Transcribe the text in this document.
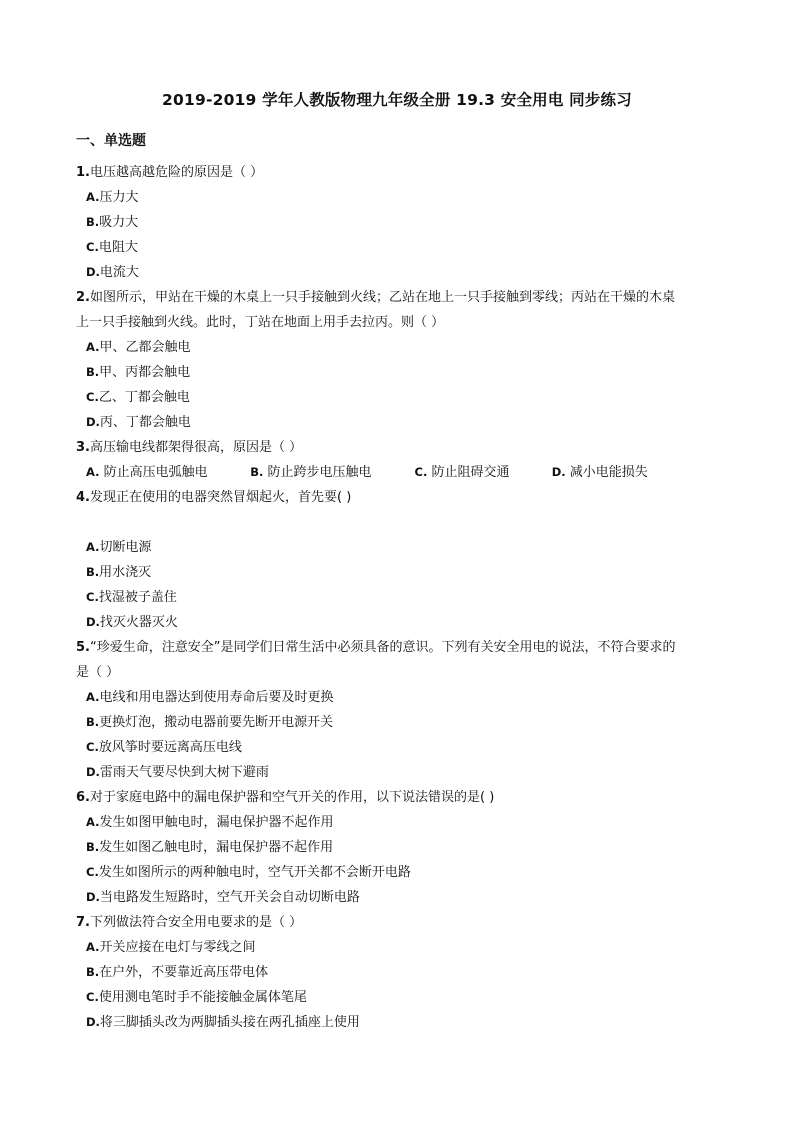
2019-2019 学年人教版物理九年级全册 19.3 安全用电 同步练习
一、单选题
1.电压越高越危险的原因是（ ）
A.压力大
B.吸力大
C.电阻大
D.电流大
2.如图所示，甲站在干燥的木桌上一只手接触到火线；乙站在地上一只手接触到零线；丙站在干燥的木桌
上一只手接触到火线。此时，丁站在地面上用手去拉丙。则（ ）
A.甲、乙都会触电
B.甲、丙都会触电
C.乙、丁都会触电
D.丙、丁都会触电
3.高压输电线都架得很高，原因是（ ）
A. 防止高压电弧触电	B. 防止跨步电压触电	C. 防止阻碍交通	D. 减小电能损失
4.发现正在使用的电器突然冒烟起火，首先要( )
A.切断电源
B.用水浇灭
C.找湿被子盖住
D.找灭火器灭火
5.“珍爱生命，注意安全”是同学们日常生活中必须具备的意识。下列有关安全用电的说法，不符合要求的
是（ ）
A.电线和用电器达到使用寿命后要及时更换
B.更换灯泡，搬动电器前要先断开电源开关
C.放风筝时要远离高压电线
D.雷雨天气要尽快到大树下避雨
6.对于家庭电路中的漏电保护器和空气开关的作用，以下说法错误的是( )
A.发生如图甲触电时，漏电保护器不起作用
B.发生如图乙触电时，漏电保护器不起作用
C.发生如图所示的两种触电时，空气开关都不会断开电路
D.当电路发生短路时，空气开关会自动切断电路
7.下列做法符合安全用电要求的是（ ）
A.开关应接在电灯与零线之间
B.在户外，不要靠近高压带电体
C.使用测电笔时手不能接触金属体笔尾
D.将三脚插头改为两脚插头接在两孔插座上使用
